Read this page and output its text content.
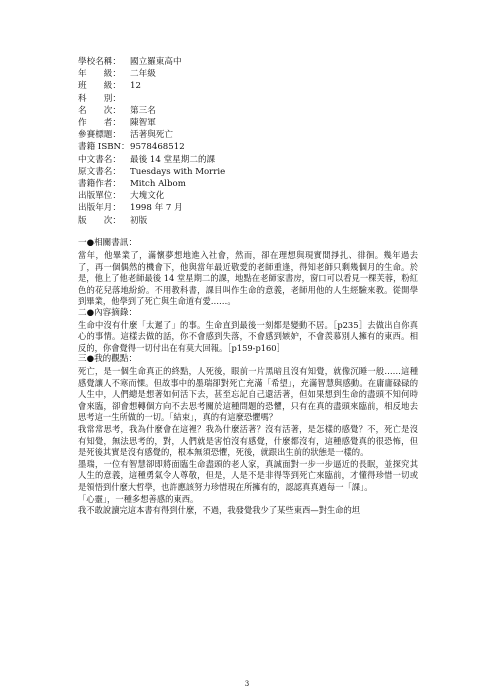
學校名稱：	國立羅東高中
年　　級：	二年級
班　　級：	12
科　　別：
名　　次：	第三名
作　　者：	陳智軍
參賽標題：	活著與死亡
書籍 ISBN： 9578468512
中文書名：	最後 14 堂星期二的課
原文書名：	Tuesdays with Morrie
書籍作者：	Mitch Albom
出版單位：	大塊文化
出版年月：	1998 年 7 月
版　　次：	初版
一●相關書訊：
當年，他畢業了，滿懷夢想地進入社會，然而，卻在理想與現實間掙扎、徘徊。幾年過去了，再一個偶然的機會下，他與當年最近敬愛的老師重逢，得知老師只剩幾個月的生命。於是，他上了他老師最後 14 堂星期二的課，地點在老師家書房，窗口可以看見一棵芙蓉，粉紅色的花兒落地紛紛。不用教科書，課目叫作生命的意義，老師用他的人生經驗來教。從開學到畢業，他學到了死亡與生命道有愛……。
二●內容摘錄：
生命中沒有什麼「太遲了」的事。生命直到最後一刻都是變動不居。［p235］去做出自你真心的事情。這樣去做的話，你不會感到失落，不會感到嫉妒，不會羨慕別人擁有的東西。相反的，你會覺得一切付出在有莫大回報。［p159-p160］
三●我的觀點：
死亡，是一個生命真正的終點，人死後，眼前一片黑暗且沒有知覺，就像沉睡一般……這種感覺讓人不寒而慄。但故事中的墨瑞卻對死亡充滿「希望」，充滿智慧與感動。在庸庸碌碌的人生中，人們總是想著如何活下去，甚至忘記自己還活著，但如果想到生命的盡頭不知何時會來臨，卻會想轉個方向不去思考關於這種問題的恐懼，只有在真的盡頭來臨前，相反地去思考這一生所做的一切。「結束」，真的有這麼恐懼嗎？
我常常思考，我為什麼會在這裡？我為什麼活著？沒有活著，是怎樣的感覺？不，死亡是沒有知覺，無法思考的，對，人們就是害怕沒有感覺，什麼都沒有，這種感覺真的很恐怖，但是死後其實是沒有感覺的，根本無須恐懼，死後，就跟出生前的狀態是一樣的。
墨瑞，一位有智慧卻即將面臨生命盡頭的老人家，真誠面對一步一步逼近的長眠，並探究其人生的意義，這種勇氣令人尊敬，但是，人是不是非得等到死亡來臨前，才懂得珍惜一切或是領悟到什麼大哲學，也許應該努力珍惜現在所擁有的，認認真真過每一「課」。
「心靈」，一種多想善感的東西。
我不敢說讀完這本書有得到什麼，不過，我發覺我少了某些東西—對生命的坦
3
